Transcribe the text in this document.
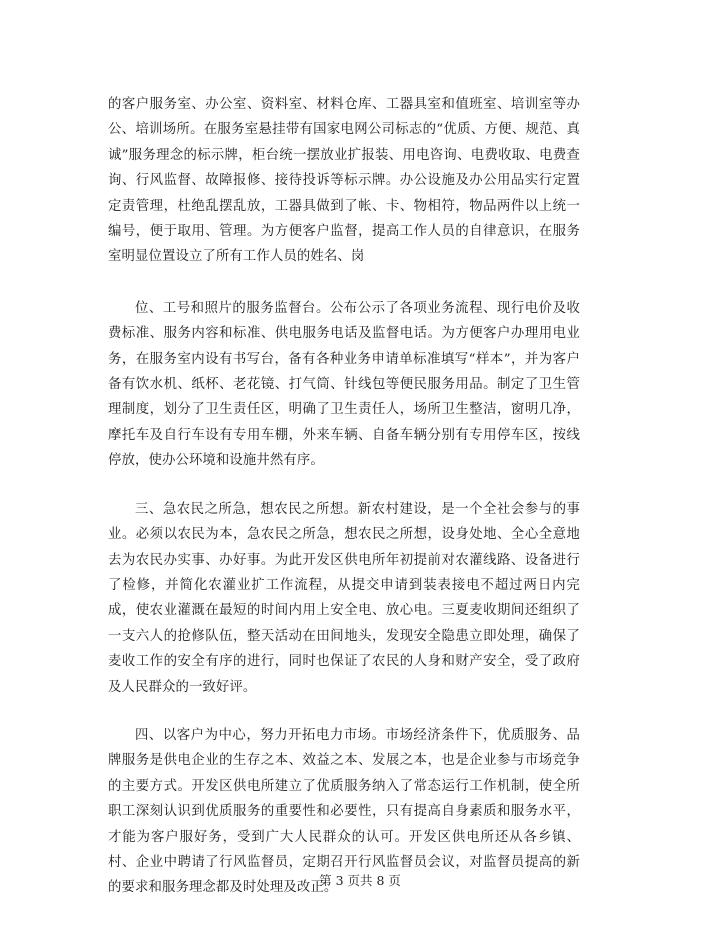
的客户服务室、办公室、资料室、材料仓库、工器具室和值班室、培训室等办公、培训场所。在服务室悬挂带有国家电网公司标志的“优质、方便、规范、真诚”服务理念的标示牌，柜台统一摆放业扩报装、用电咨询、电费收取、电费查询、行风监督、故障报修、接待投诉等标示牌。办公设施及办公用品实行定置定责管理，杜绝乱摆乱放，工器具做到了帐、卡、物相符，物品两件以上统一编号，便于取用、管理。为方便客户监督，提高工作人员的自律意识，在服务室明显位置设立了所有工作人员的姓名、岗

位、工号和照片的服务监督台。公布公示了各项业务流程、现行电价及收费标准、服务内容和标准、供电服务电话及监督电话。为方便客户办理用电业务，在服务室内设有书写台，备有各种业务申请单标准填写“样本”，并为客户备有饮水机、纸杯、老花镜、打气筒、针线包等便民服务用品。制定了卫生管理制度，划分了卫生责任区，明确了卫生责任人，场所卫生整洁，窗明几净，摩托车及自行车设有专用车棚，外来车辆、自备车辆分别有专用停车区，按线停放，使办公环境和设施井然有序。

三、急农民之所急，想农民之所想。新农村建设，是一个全社会参与的事业。必须以农民为本，急农民之所急，想农民之所想，设身处地、全心全意地去为农民办实事、办好事。为此开发区供电所年初提前对农灌线路、设备进行了检修，并简化农灌业扩工作流程，从提交申请到装表接电不超过两日内完成，使农业灌溉在最短的时间内用上安全电、放心电。三夏麦收期间还组织了一支六人的抢修队伍，整天活动在田间地头，发现安全隐患立即处理，确保了麦收工作的安全有序的进行，同时也保证了农民的人身和财产安全，受了政府及人民群众的一致好评。

四、以客户为中心，努力开拓电力市场。市场经济条件下，优质服务、品牌服务是供电企业的生存之本、效益之本、发展之本，也是企业参与市场竞争的主要方式。开发区供电所建立了优质服务纳入了常态运行工作机制，使全所职工深刻认识到优质服务的重要性和必要性，只有提高自身素质和服务水平，才能为客户服好务，受到广大人民群众的认可。开发区供电所还从各乡镇、村、企业中聘请了行风监督员，定期召开行风监督员会议，对监督员提高的新的要求和服务理念都及时处理及改正。

第 3 页共 8 页
